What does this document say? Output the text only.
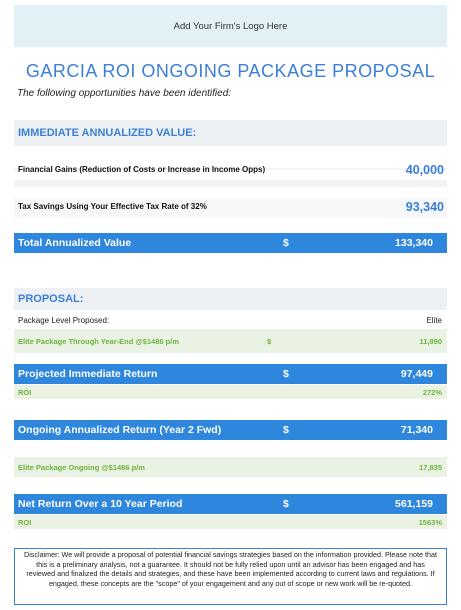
Add Your Firm's Logo Here
GARCIA ROI ONGOING PACKAGE PROPOSAL
The following opportunities have been identified:
IMMEDIATE ANNUALIZED VALUE:
Financial Gains (Reduction of Costs or Increase in Income Opps)	40,000
Tax Savings Using Your Effective Tax Rate of 32%	93,340
Total Annualized Value	$	133,340
PROPOSAL:
Package Level Proposed:	Elite
Elite Package Through Year-End @$1486 p/m	$	11,890
Projected Immediate Return	$	97,449
ROI	272%
Ongoing Annualized Return (Year 2 Fwd)	$	71,340
Elite Package Ongoing @$1486 p/m	17,835
Net Return Over a 10 Year Period	$	561,159
ROI	1563%
Disclaimer: We will provide a proposal of potential financial savings strategies based on the information provided. Please note that this is a preliminary analysis, not a guarantee. It should not be fully relied upon until an advisor has been engaged and has reviewed and finalized the details and strategies, and these have been implemented according to current laws and regulations. If engaged, these concepts are the "scope" of your engagement and any out of scope or new work will be re-quoted.
